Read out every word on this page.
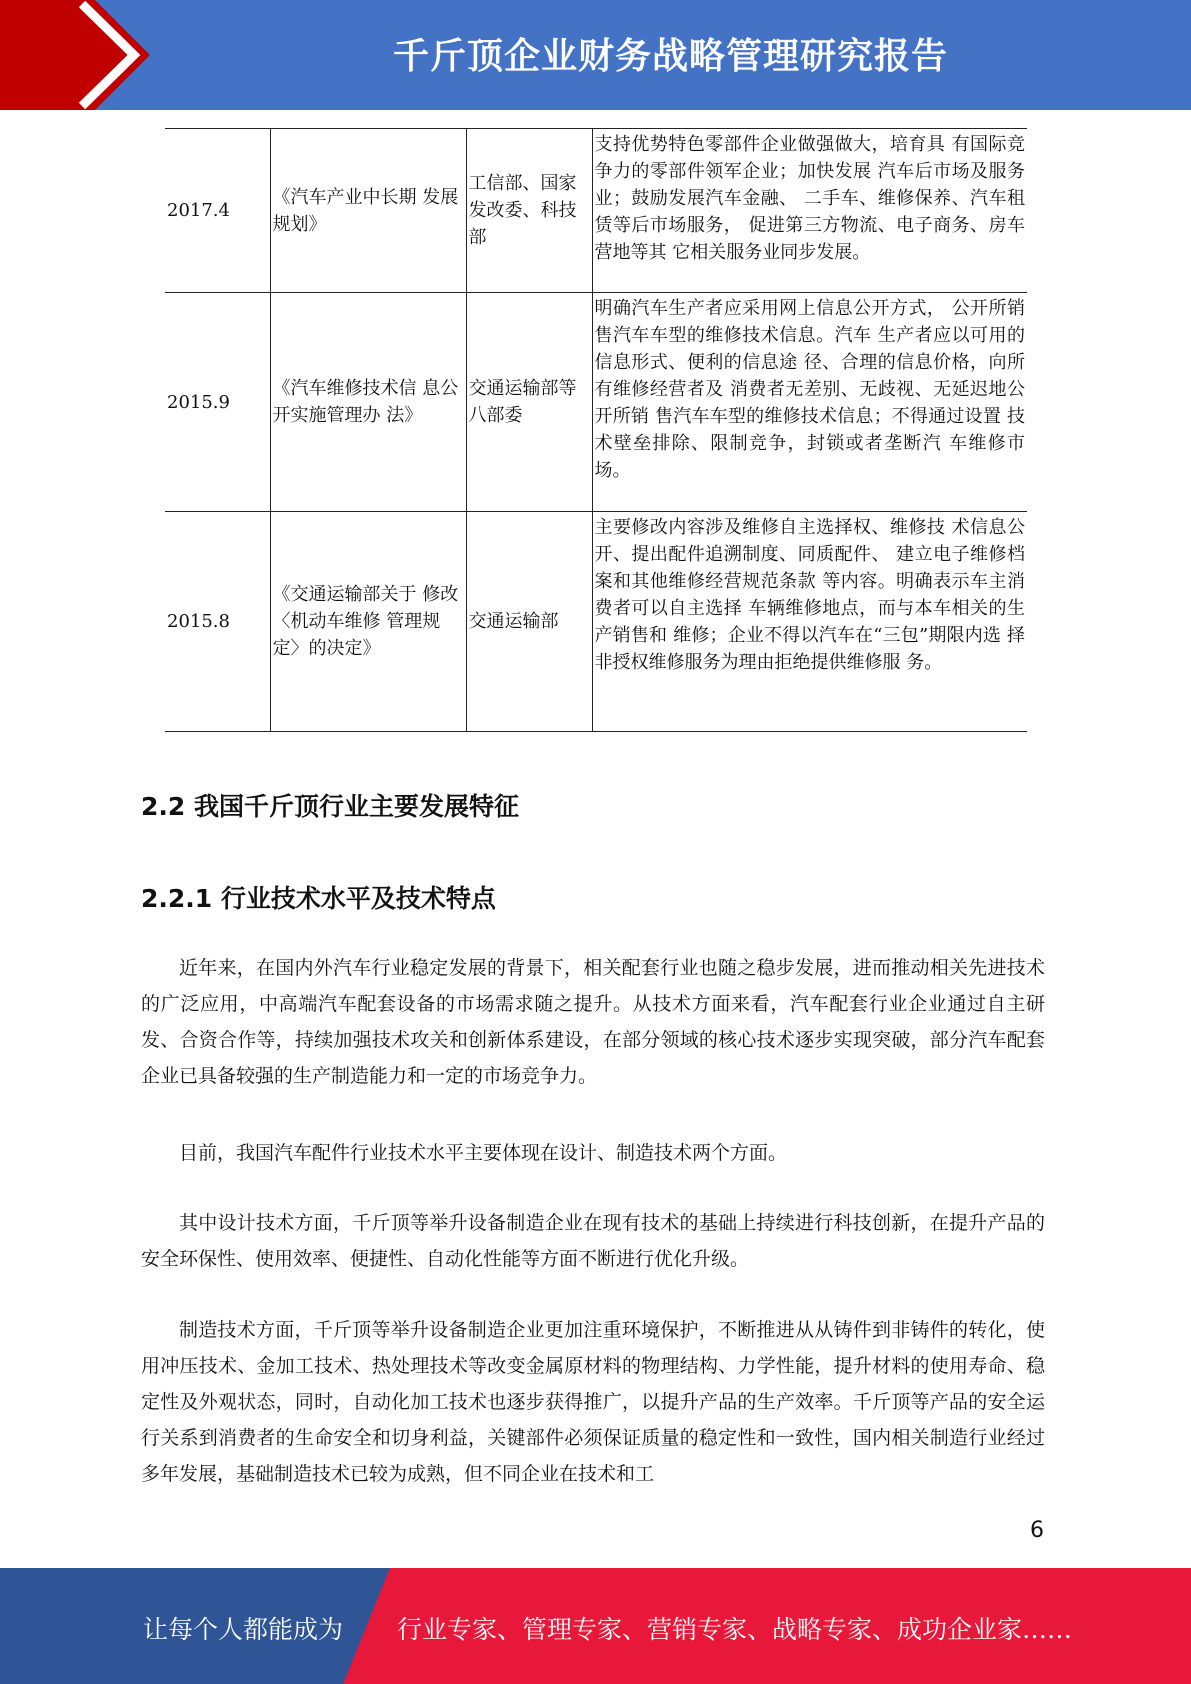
千斤顶企业财务战略管理研究报告
2017.4	《汽车产业中长期 发展规划》	工信部、国家发改委、科技部	支持优势特色零部件企业做强做大，培育具 有国际竞争力的零部件领军企业；加快发展 汽车后市场及服务业；鼓励发展汽车金融、 二手车、维修保养、汽车租赁等后市场服务， 促进第三方物流、电子商务、房车营地等其 它相关服务业同步发展。
2015.9	《汽车维修技术信 息公开实施管理办 法》	交通运输部等八部委	明确汽车生产者应采用网上信息公开方式， 公开所销售汽车车型的维修技术信息。汽车 生产者应以可用的信息形式、便利的信息途 径、合理的信息价格，向所有维修经营者及 消费者无差别、无歧视、无延迟地公开所销 售汽车车型的维修技术信息；不得通过设置 技术壁垒排除、限制竞争，封锁或者垄断汽 车维修市场。
2015.8	《交通运输部关于 修改〈机动车维修 管理规定〉的决定》	交通运输部	主要修改内容涉及维修自主选择权、维修技 术信息公开、提出配件追溯制度、同质配件、 建立电子维修档案和其他维修经营规范条款 等内容。明确表示车主消费者可以自主选择 车辆维修地点，而与本车相关的生产销售和 维修；企业不得以汽车在“三包”期限内选 择非授权维修服务为理由拒绝提供维修服 务。
2.2 我国千斤顶行业主要发展特征
2.2.1 行业技术水平及技术特点

近年来，在国内外汽车行业稳定发展的背景下，相关配套行业也随之稳步发展，进而推动相关先进技术的广泛应用，中高端汽车配套设备的市场需求随之提升。从技术方面来看，汽车配套行业企业通过自主研发、合资合作等，持续加强技术攻关和创新体系建设，在部分领域的核心技术逐步实现突破，部分汽车配套企业已具备较强的生产制造能力和一定的市场竞争力。

目前，我国汽车配件行业技术水平主要体现在设计、制造技术两个方面。

其中设计技术方面，千斤顶等举升设备制造企业在现有技术的基础上持续进行科技创新，在提升产品的安全环保性、使用效率、便捷性、自动化性能等方面不断进行优化升级。

制造技术方面，千斤顶等举升设备制造企业更加注重环境保护，不断推进从从铸件到非铸件的转化，使用冲压技术、金加工技术、热处理技术等改变金属原材料的物理结构、力学性能，提升材料的使用寿命、稳定性及外观状态，同时，自动化加工技术也逐步获得推广，以提升产品的生产效率。千斤顶等产品的安全运行关系到消费者的生命安全和切身利益，关键部件必须保证质量的稳定性和一致性，国内相关制造行业经过多年发展，基础制造技术已较为成熟，但不同企业在技术和工

6
让每个人都能成为 行业专家、管理专家、营销专家、战略专家、成功企业家……
